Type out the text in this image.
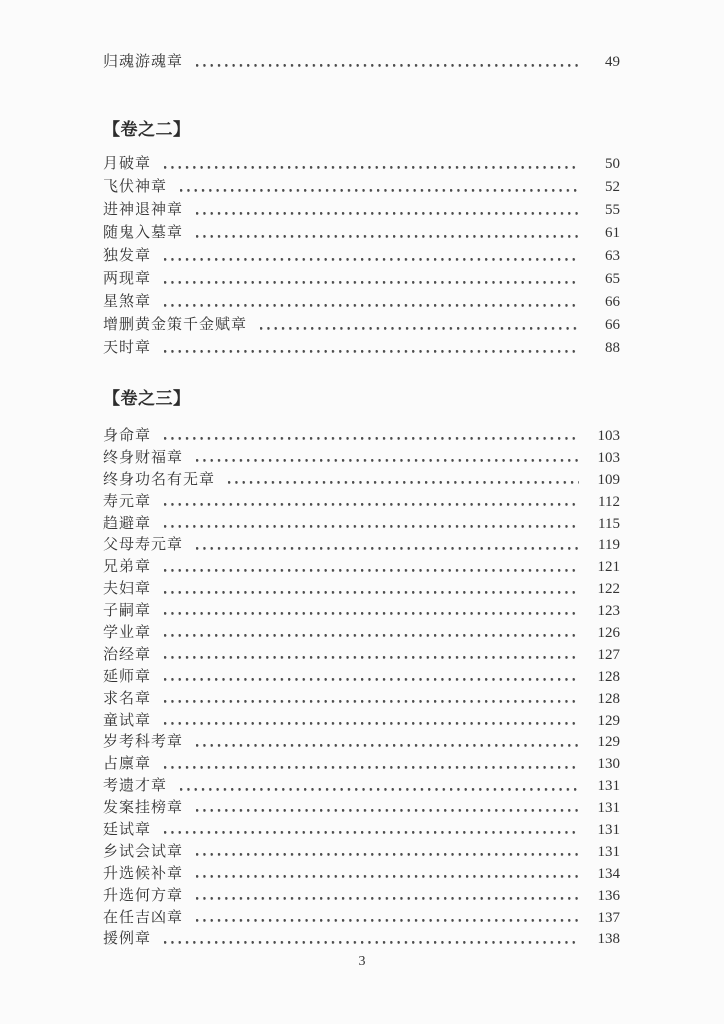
归魂游魂章	49
【卷之二】
月破章	50
飞伏神章	52
进神退神章	55
随鬼入墓章	61
独发章	63
两现章	65
星煞章	66
增删黄金策千金赋章	66
天时章	88
【卷之三】
身命章	103
终身财福章	103
终身功名有无章	109
寿元章	112
趋避章	115
父母寿元章	119
兄弟章	121
夫妇章	122
子嗣章	123
学业章	126
治经章	127
延师章	128
求名章	128
童试章	129
岁考科考章	129
占廪章	130
考遗才章	131
发案挂榜章	131
廷试章	131
乡试会试章	131
升选候补章	134
升选何方章	136
在任吉凶章	137
援例章	138
3
